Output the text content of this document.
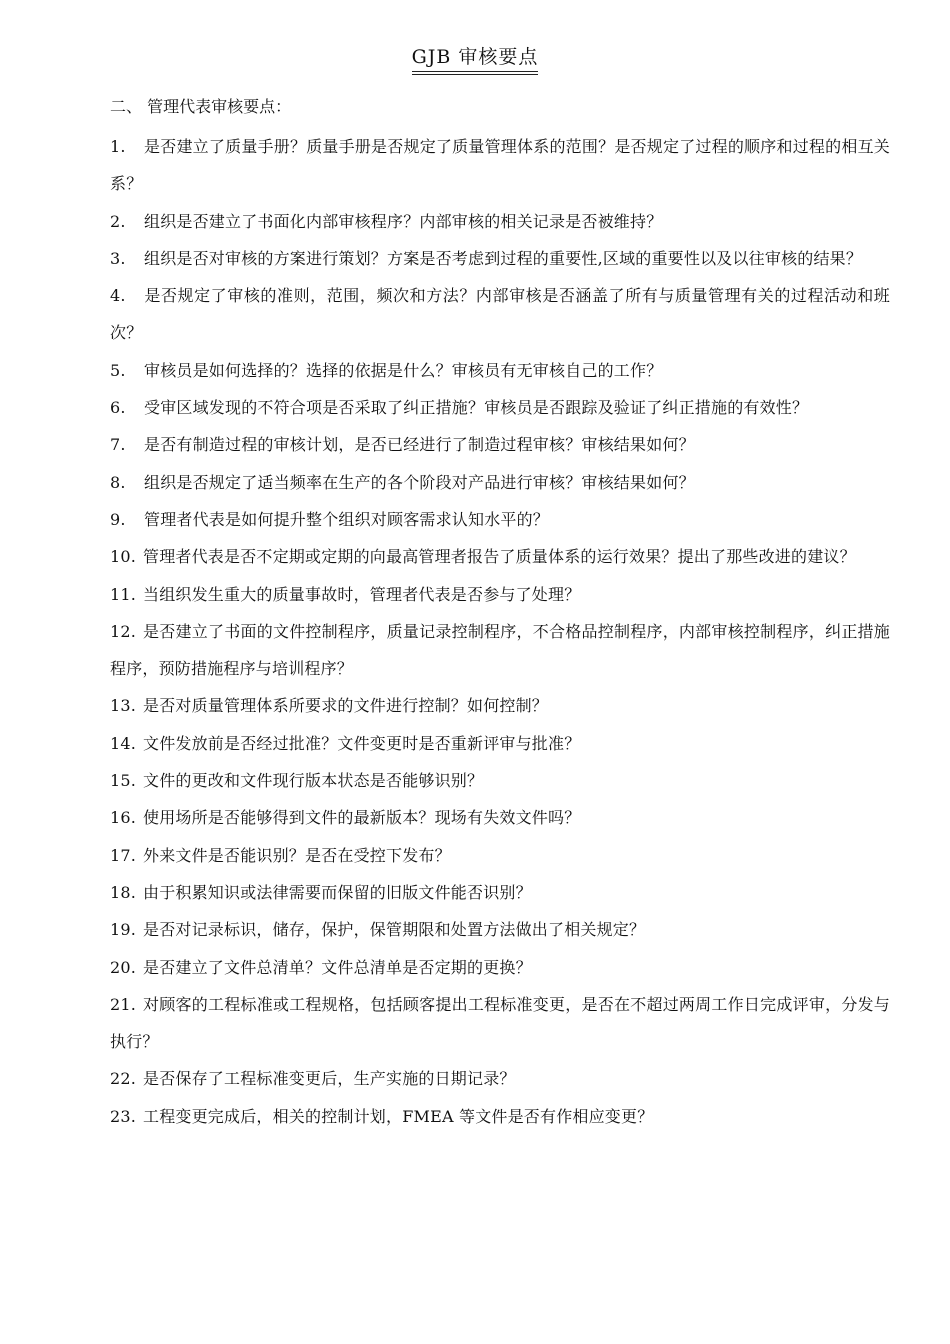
GJB 审核要点
二、 管理代表审核要点：
1. 是否建立了质量手册？质量手册是否规定了质量管理体系的范围？是否规定了过程的顺序和过程的相互关系？
2. 组织是否建立了书面化内部审核程序？内部审核的相关记录是否被维持？
3. 组织是否对审核的方案进行策划？方案是否考虑到过程的重要性,区域的重要性以及以往审核的结果？
4. 是否规定了审核的准则，范围，频次和方法？内部审核是否涵盖了所有与质量管理有关的过程活动和班次？
5. 审核员是如何选择的？选择的依据是什么？审核员有无审核自己的工作？
6. 受审区域发现的不符合项是否采取了纠正措施？审核员是否跟踪及验证了纠正措施的有效性？
7. 是否有制造过程的审核计划，是否已经进行了制造过程审核？审核结果如何？
8. 组织是否规定了适当频率在生产的各个阶段对产品进行审核？审核结果如何？
9. 管理者代表是如何提升整个组织对顾客需求认知水平的？
10. 管理者代表是否不定期或定期的向最高管理者报告了质量体系的运行效果？提出了那些改进的建议？
11. 当组织发生重大的质量事故时，管理者代表是否参与了处理？
12. 是否建立了书面的文件控制程序，质量记录控制程序，不合格品控制程序，内部审核控制程序，纠正措施程序，预防措施程序与培训程序？
13. 是否对质量管理体系所要求的文件进行控制？如何控制？
14. 文件发放前是否经过批准？文件变更时是否重新评审与批准？
15. 文件的更改和文件现行版本状态是否能够识别？
16. 使用场所是否能够得到文件的最新版本？现场有失效文件吗？
17. 外来文件是否能识别？是否在受控下发布？
18. 由于积累知识或法律需要而保留的旧版文件能否识别？
19. 是否对记录标识，储存，保护，保管期限和处置方法做出了相关规定？
20. 是否建立了文件总清单？文件总清单是否定期的更换？
21. 对顾客的工程标准或工程规格，包括顾客提出工程标准变更，是否在不超过两周工作日完成评审，分发与执行？
22. 是否保存了工程标准变更后，生产实施的日期记录？
23. 工程变更完成后，相关的控制计划，FMEA 等文件是否有作相应变更？
